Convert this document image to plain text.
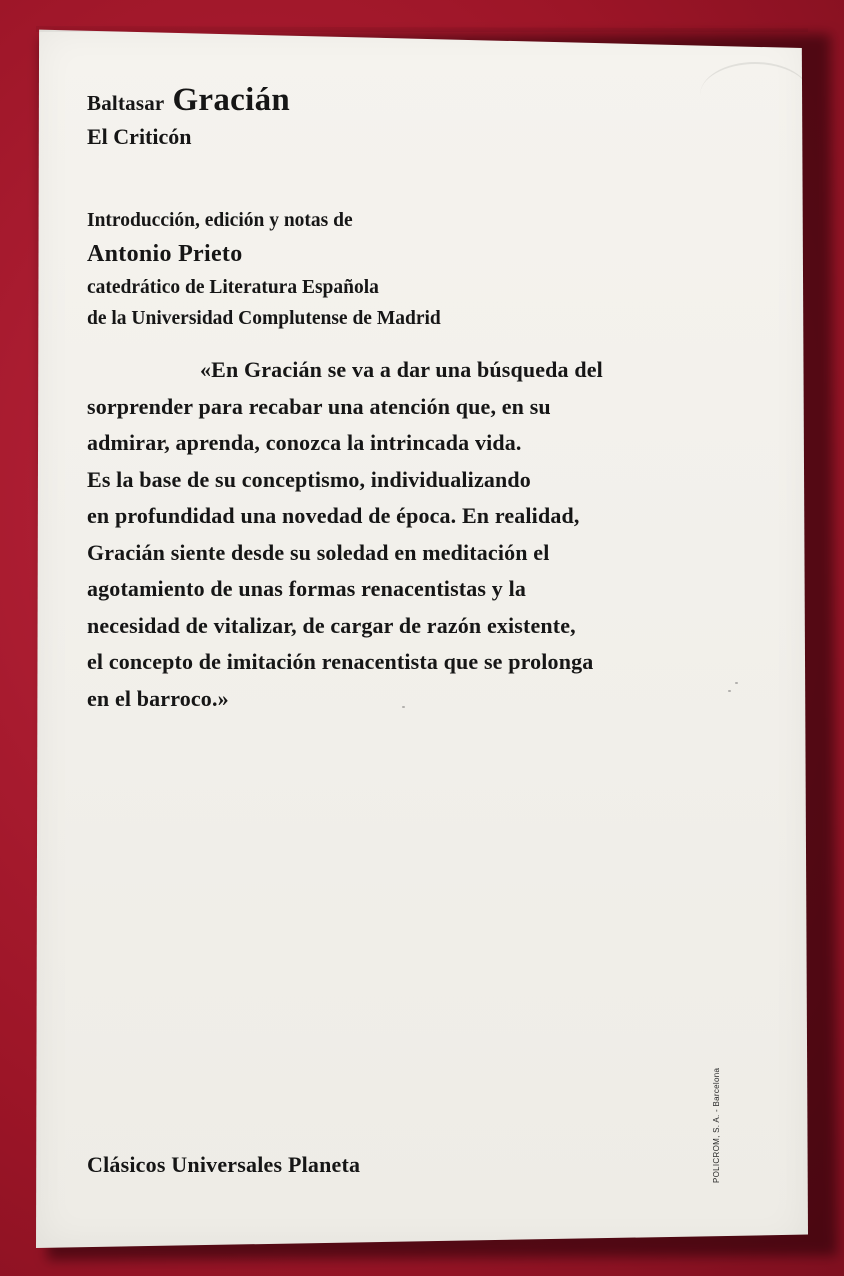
Baltasar Gracián
El Criticón
Introducción, edición y notas de
Antonio Prieto
catedrático de Literatura Española
de la Universidad Complutense de Madrid
«En Gracián se va a dar una búsqueda del
sorprender para recabar una atención que, en su
admirar, aprenda, conozca la intrincada vida.
Es la base de su conceptismo, individualizando
en profundidad una novedad de época. En realidad,
Gracián siente desde su soledad en meditación el
agotamiento de unas formas renacentistas y la
necesidad de vitalizar, de cargar de razón existente,
el concepto de imitación renacentista que se prolonga
en el barroco.»
Clásicos Universales Planeta	POLICROM, S. A. - Barcelona
